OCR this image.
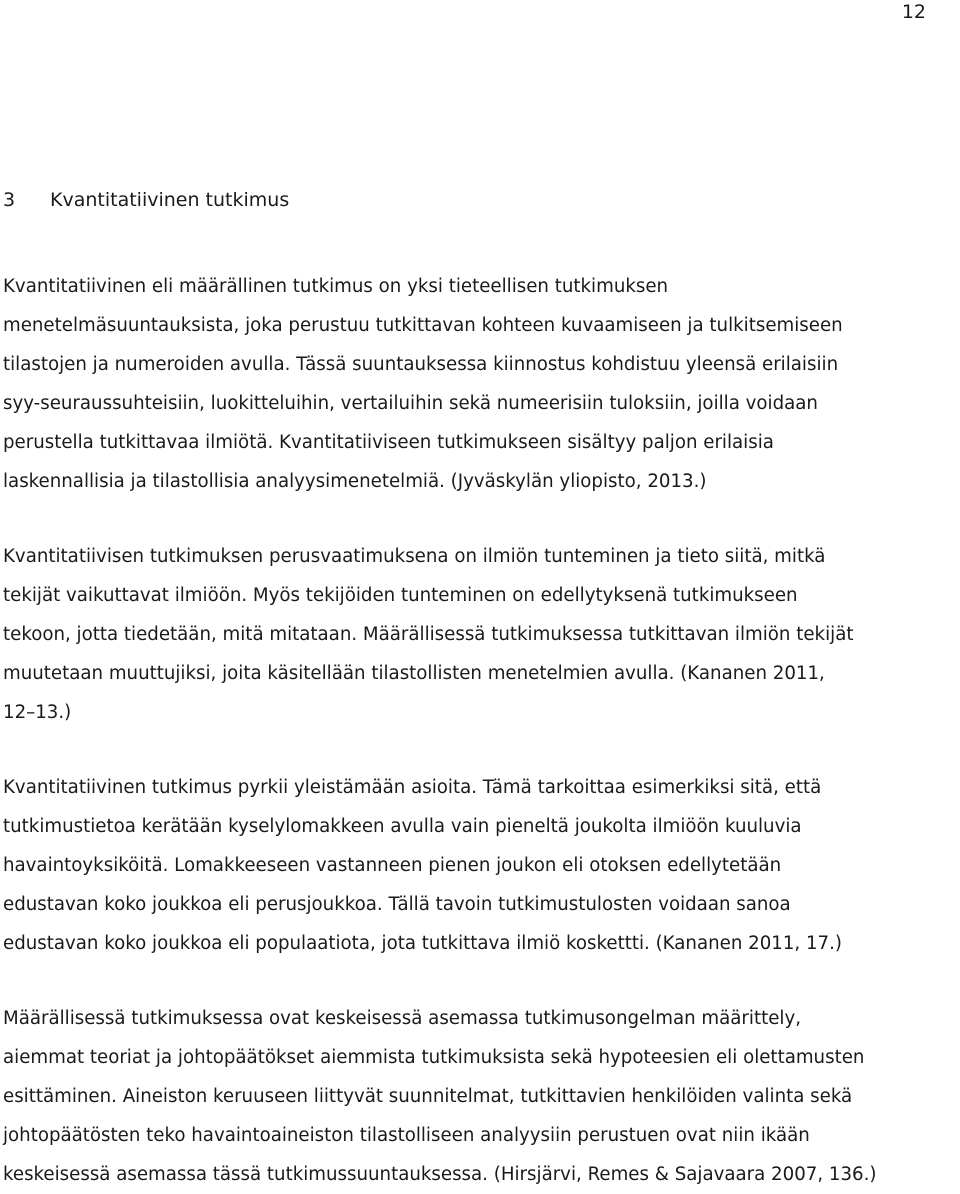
12
3 Kvantitatiivinen tutkimus

Kvantitatiivinen eli määrällinen tutkimus on yksi tieteellisen tutkimuksen
menetelmäsuuntauksista, joka perustuu tutkittavan kohteen kuvaamiseen ja tulkitsemiseen
tilastojen ja numeroiden avulla. Tässä suuntauksessa kiinnostus kohdistuu yleensä erilaisiin
syy-seuraussuhteisiin, luokitteluihin, vertailuihin sekä numeerisiin tuloksiin, joilla voidaan
perustella tutkittavaa ilmiötä. Kvantitatiiviseen tutkimukseen sisältyy paljon erilaisia
laskennallisia ja tilastollisia analyysimenetelmiä. (Jyväskylän yliopisto, 2013.)

Kvantitatiivisen tutkimuksen perusvaatimuksena on ilmiön tunteminen ja tieto siitä, mitkä
tekijät vaikuttavat ilmiöön. Myös tekijöiden tunteminen on edellytyksenä tutkimukseen
tekoon, jotta tiedetään, mitä mitataan. Määrällisessä tutkimuksessa tutkittavan ilmiön tekijät
muutetaan muuttujiksi, joita käsitellään tilastollisten menetelmien avulla. (Kananen 2011,
12–13.)

Kvantitatiivinen tutkimus pyrkii yleistämään asioita. Tämä tarkoittaa esimerkiksi sitä, että
tutkimustietoa kerätään kyselylomakkeen avulla vain pieneltä joukolta ilmiöön kuuluvia
havaintoyksiköitä. Lomakkeeseen vastanneen pienen joukon eli otoksen edellytetään
edustavan koko joukkoa eli perusjoukkoa. Tällä tavoin tutkimustulosten voidaan sanoa
edustavan koko joukkoa eli populaatiota, jota tutkittava ilmiö koskettti. (Kananen 2011, 17.)

Määrällisessä tutkimuksessa ovat keskeisessä asemassa tutkimusongelman määrittely,
aiemmat teoriat ja johtopäätökset aiemmista tutkimuksista sekä hypoteesien eli olettamusten
esittäminen. Aineiston keruuseen liittyvät suunnitelmat, tutkittavien henkilöiden valinta sekä
johtopäätösten teko havaintoaineiston tilastolliseen analyysiin perustuen ovat niin ikään
keskeisessä asemassa tässä tutkimussuuntauksessa. (Hirsjärvi, Remes & Sajavaara 2007, 136.)
